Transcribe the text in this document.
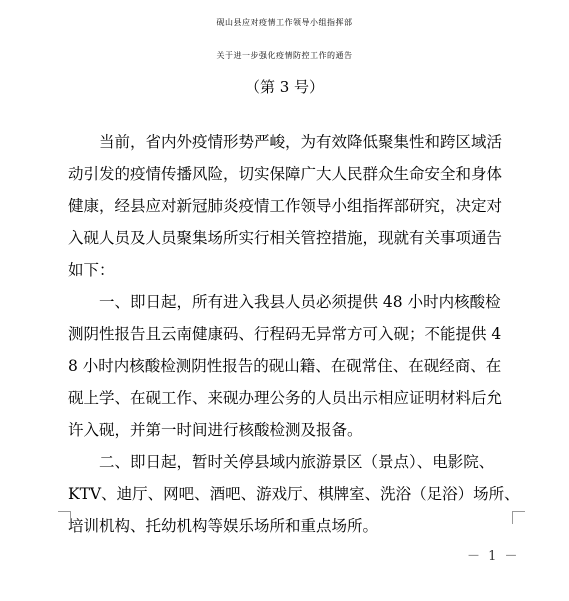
砚山县应对疫情工作领导小组指挥部
关于进一步强化疫情防控工作的通告
（第 3 号）
　　当前，省内外疫情形势严峻，为有效降低聚集性和跨区域活
动引发的疫情传播风险，切实保障广大人民群众生命安全和身体
健康，经县应对新冠肺炎疫情工作领导小组指挥部研究，决定对
入砚人员及人员聚集场所实行相关管控措施，现就有关事项通告
如下：
　　一、即日起，所有进入我县人员必须提供 48 小时内核酸检
测阴性报告且云南健康码、行程码无异常方可入砚；不能提供 4
8 小时内核酸检测阴性报告的砚山籍、在砚常住、在砚经商、在
砚上学、在砚工作、来砚办理公务的人员出示相应证明材料后允
许入砚，并第一时间进行核酸检测及报备。
　　二、即日起，暂时关停县域内旅游景区（景点）、电影院、
KTV、迪厅、网吧、酒吧、游戏厅、棋牌室、洗浴（足浴）场所、
培训机构、托幼机构等娱乐场所和重点场所。
－ 1 －
